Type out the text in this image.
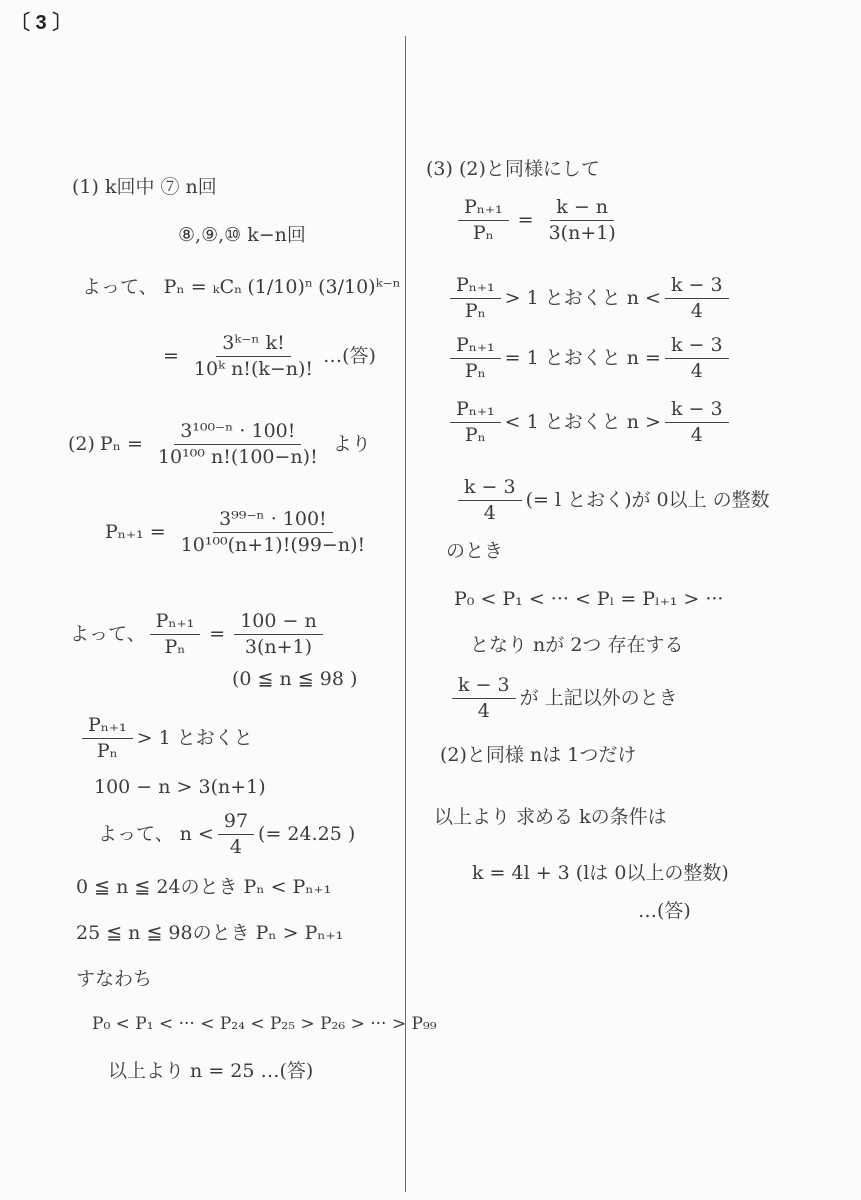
〔 3 〕
(1) k回中 ⑦ n回
⑧,⑨,⑩ k−n回
よって、 Pₙ = ₖCₙ (1/10)ⁿ (3/10)ᵏ⁻ⁿ
= $\frac{\text{3ᵏ⁻ⁿ k!}}{\text{10ᵏ n!(k−n)!}}$ …(答)
(2) $P_n = \frac{\text{3¹⁰⁰⁻ⁿ · 100!}}{\text{10¹⁰⁰ n!(100−n)!}}$ より
$P_{n+1} = \frac{\text{3⁹⁹⁻ⁿ · 100!}}{\text{10¹⁰⁰(n+1)!(99−n)!}}$
よって、 $\frac{\text{Pₙ₊₁}}{\text{Pₙ}} = \frac{100 - n}{3(n+1)}$
(0 ≦ n ≦ 98 )
$\frac{\text{Pₙ₊₁}}{\text{Pₙ}} > 1$ とおくと
100 − n > 3(n+1)
よって、 $n < \frac{97}{4}$ (= 24.25 )
0 ≦ n ≦ 24のとき Pₙ < Pₙ₊₁
25 ≦ n ≦ 98のとき Pₙ > Pₙ₊₁
すなわち
P₀ < P₁ < ··· < P₂₄ < P₂₅ > P₂₆ > ··· > P₉₉
以上より n = 25 …(答)
(3) (2)と同様にして
$\frac{\text{Pₙ₊₁}}{\text{Pₙ}} = \frac{k - n}{3(n+1)}$
$\frac{\text{Pₙ₊₁}}{\text{Pₙ}} > 1$ とおくと $n < \frac{k - 3}{4}$
$\frac{\text{Pₙ₊₁}}{\text{Pₙ}} = 1$ とおくと $n = \frac{k - 3}{4}$
$\frac{\text{Pₙ₊₁}}{\text{Pₙ}} < 1$ とおくと $n > \frac{k - 3}{4}$
$\frac{k - 3}{4}$ (= l とおく)が 0以上 の整数
のとき
P₀ < P₁ < ··· < Pₗ = Pₗ₊₁ > ···
となり nが 2つ 存在する
$\frac{k - 3}{4}$ が 上記以外のとき
(2)と同様 nは 1つだけ
以上より 求める kの条件は
k = 4l + 3 (lは 0以上の整数)
…(答)
